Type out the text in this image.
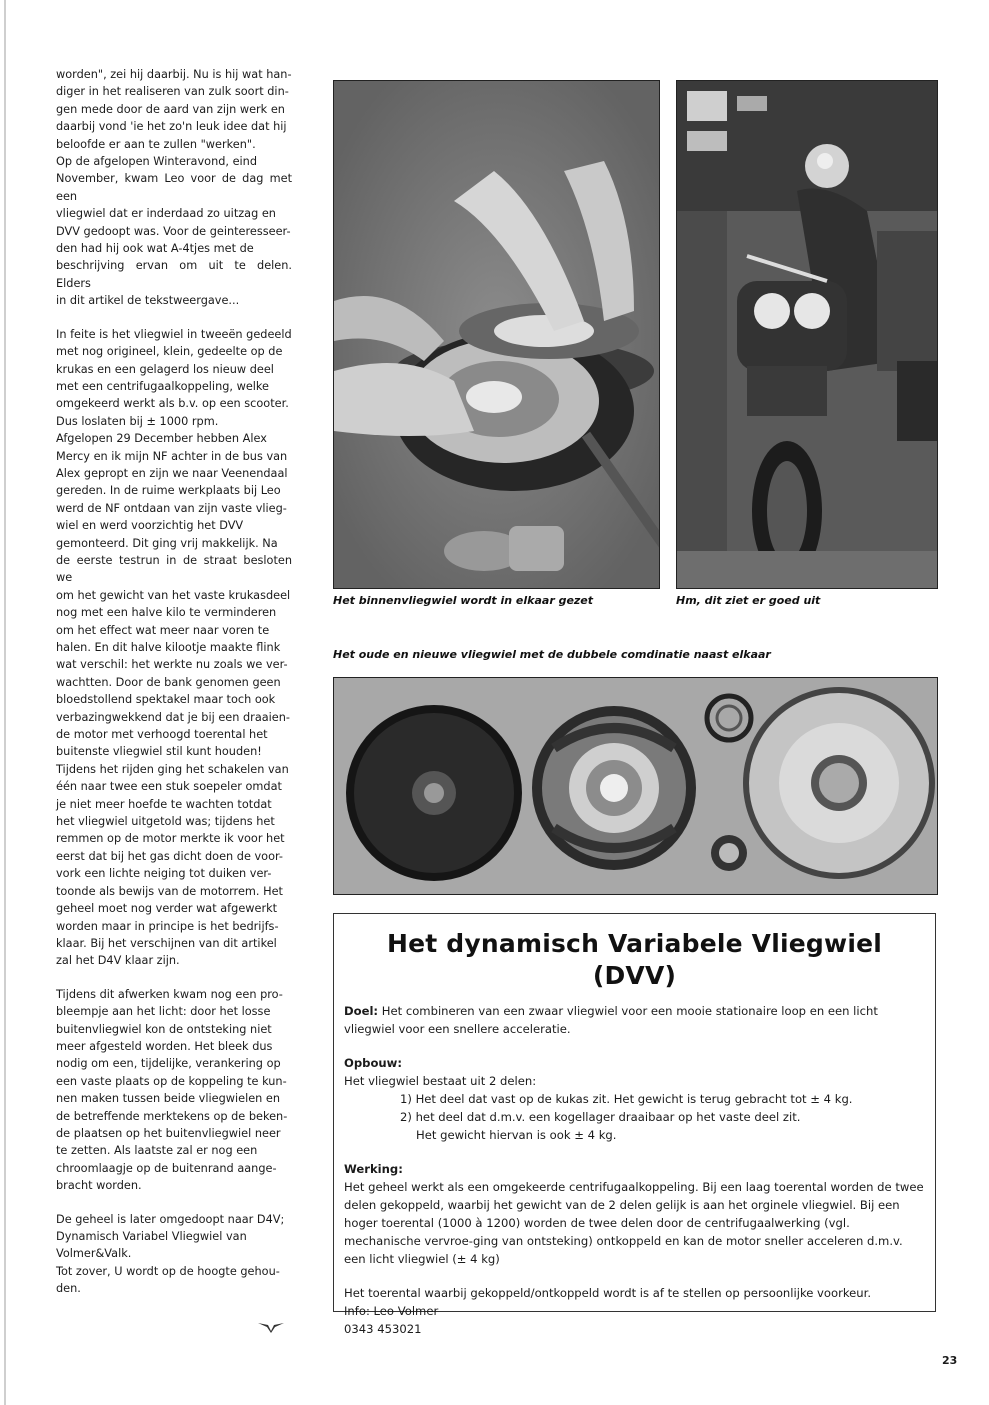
worden", zei hij daarbij. Nu is hij wat han-
diger in het realiseren van zulk soort din-
gen mede door de aard van zijn werk en
daarbij vond 'ie het zo'n leuk idee dat hij
beloofde er aan te zullen "werken".
Op de afgelopen Winteravond, eind
November, kwam Leo voor de dag met een
vliegwiel dat er inderdaad zo uitzag en
DVV gedoopt was. Voor de geinteresseer-
den had hij ook wat A-4tjes met de
beschrijving ervan om uit te delen. Elders
in dit artikel de tekstweergave...

In feite is het vliegwiel in tweeën gedeeld
met nog origineel, klein, gedeelte op de
krukas en een gelagerd los nieuw deel
met een centrifugaalkoppeling, welke
omgekeerd werkt als b.v. op een scooter.
Dus loslaten bij ± 1000 rpm.
Afgelopen 29 December hebben Alex
Mercy en ik mijn NF achter in de bus van
Alex gepropt en zijn we naar Veenendaal
gereden. In de ruime werkplaats bij Leo
werd de NF ontdaan van zijn vaste vlieg-
wiel en werd voorzichtig het DVV
gemonteerd. Dit ging vrij makkelijk. Na
de eerste testrun in de straat besloten we
om het gewicht van het vaste krukasdeel
nog met een halve kilo te verminderen
om het effect wat meer naar voren te
halen. En dit halve kilootje maakte flink
wat verschil: het werkte nu zoals we ver-
wachtten. Door de bank genomen geen
bloedstollend spektakel maar toch ook
verbazingwekkend dat je bij een draaien-
de motor met verhoogd toerental het
buitenste vliegwiel stil kunt houden!
Tijdens het rijden ging het schakelen van
één naar twee een stuk soepeler omdat
je niet meer hoefde te wachten totdat
het vliegwiel uitgetold was; tijdens het
remmen op de motor merkte ik voor het
eerst dat bij het gas dicht doen de voor-
vork een lichte neiging tot duiken ver-
toonde als bewijs van de motorrem. Het
geheel moet nog verder wat afgewerkt
worden maar in principe is het bedrijfs-
klaar. Bij het verschijnen van dit artikel
zal het D4V klaar zijn.

Tijdens dit afwerken kwam nog een pro-
bleempje aan het licht: door het losse
buitenvliegwiel kon de ontsteking niet
meer afgesteld worden. Het bleek dus
nodig om een, tijdelijke, verankering op
een vaste plaats op de koppeling te kun-
nen maken tussen beide vliegwielen en
de betreffende merktekens op de beken-
de plaatsen op het buitenvliegwiel neer
te zetten. Als laatste zal er nog een
chroomlaagje op de buitenrand aange-
bracht worden.

De geheel is later omgedoopt naar D4V;
Dynamisch Variabel Vliegwiel van
Volmer&Valk.
Tot zover, U wordt op de hoogte gehou-
den.

Het binnenvliegwiel wordt in elkaar gezet	Hm, dit ziet er goed uit
Het oude en nieuwe vliegwiel met de dubbele comdinatie naast elkaar
Het dynamisch Variabele Vliegwiel (DVV)
Doel: Het combineren van een zwaar vliegwiel voor een mooie stationaire loop en een licht vliegwiel voor een snellere acceleratie.
Opbouw:
Het vliegwiel bestaat uit 2 delen:
1) Het deel dat vast op de kukas zit. Het gewicht is terug gebracht tot ± 4 kg.
2) het deel dat d.m.v. een kogellager draaibaar op het vaste deel zit.
Het gewicht hiervan is ook ± 4 kg.
Werking:
Het geheel werkt als een omgekeerde centrifugaalkoppeling. Bij een laag toerental worden de twee delen gekoppeld, waarbij het gewicht van de 2 delen gelijk is aan het orginele vliegwiel. Bij een hoger toerental (1000 à 1200) worden de twee delen door de centrifugaalwerking (vgl. mechanische vervroe-ging van ontsteking) ontkoppeld en kan de motor sneller acceleren d.m.v. een licht vliegwiel (± 4 kg)
Het toerental waarbij gekoppeld/ontkoppeld wordt is af te stellen op persoonlijke voorkeur.
Info: Leo Volmer
0343 453021
23
